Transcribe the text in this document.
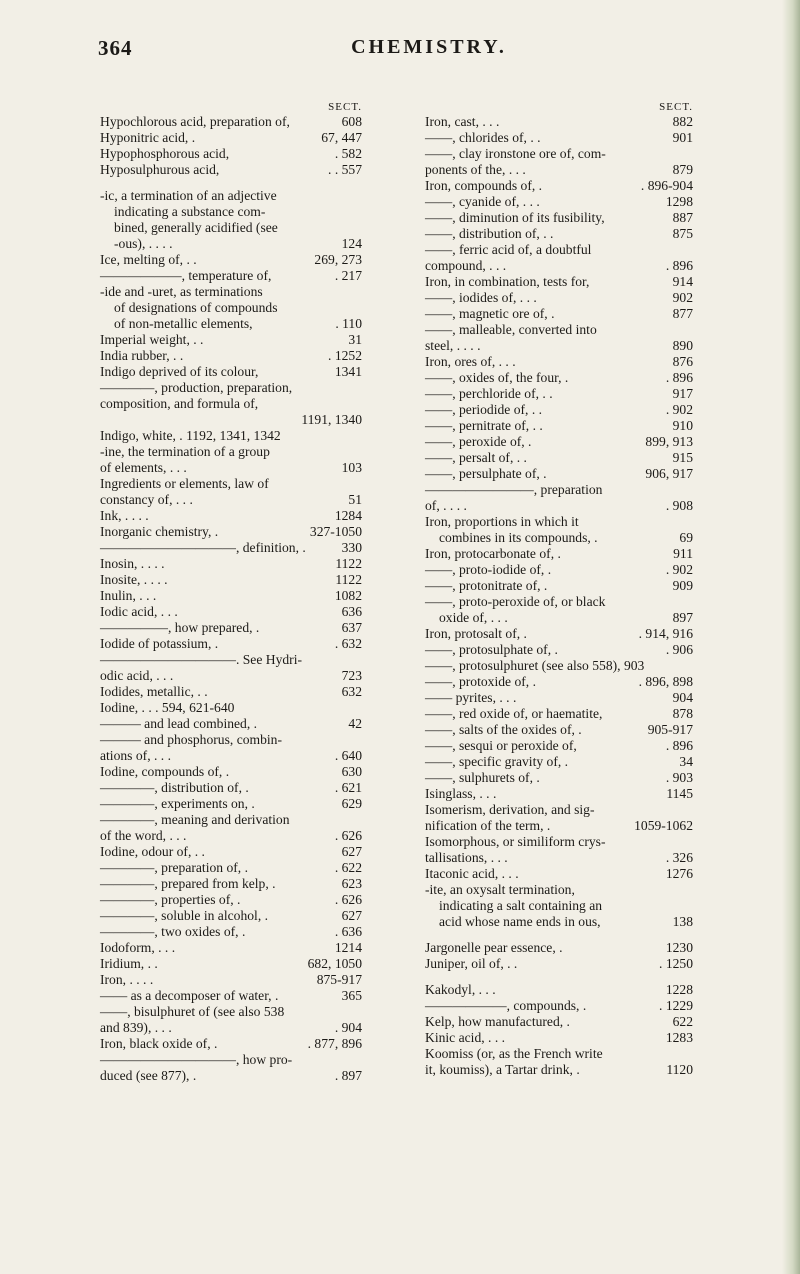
364	CHEMISTRY.
SECT.
Hypochlorous acid, preparation of,	608
Hyponitric acid, .	67, 447
Hypophosphorous acid,	. 582
Hyposulphurous acid,	. . 557
-ic, a termination of an adjective
indicating a substance com-
bined, generally acidified (see
-ous), . . . .	124
Ice, melting of, . .	269, 273
——————, temperature of,	. 217
-ide and -uret, as terminations
of designations of compounds
of non-metallic elements,	. 110
Imperial weight, . .	31
India rubber, . .	. 1252
Indigo deprived of its colour,	1341
————, production, preparation,
composition, and formula of,
1191, 1340
Indigo, white, . 1192, 1341, 1342
-ine, the termination of a group
of elements, . . .	103
Ingredients or elements, law of
constancy of, . . .	51
Ink, . . . .	1284
Inorganic chemistry, .	327-1050
——————————, definition, .	330
Inosin, . . . .	1122
Inosite, . . . .	1122
Inulin, . . .	1082
Iodic acid, . . .	636
—————, how prepared, .	637
Iodide of potassium, .	. 632
——————————. See Hydri-
odic acid, . . .	723
Iodides, metallic, . .	632
Iodine, . . . 594, 621-640
——— and lead combined, .	42
——— and phosphorus, combin-
ations of, . . .	. 640
Iodine, compounds of, .	630
————, distribution of, .	. 621
————, experiments on, .	629
————, meaning and derivation
of the word, . . .	. 626
Iodine, odour of, . .	627
————, preparation of, .	. 622
————, prepared from kelp, .	623
————, properties of, .	. 626
————, soluble in alcohol, .	627
————, two oxides of, .	. 636
Iodoform, . . .	1214
Iridium, . .	682, 1050
Iron, . . . .	875-917
—— as a decomposer of water, .	365
——, bisulphuret of (see also 538
and 839), . . .	. 904
Iron, black oxide of, .	. 877, 896
——————————, how pro-
duced (see 877), .	. 897
SECT.
Iron, cast, . . .	882
——, chlorides of, . .	901
——, clay ironstone ore of, com-
ponents of the, . . .	879
Iron, compounds of, .	. 896-904
——, cyanide of, . . .	1298
——, diminution of its fusibility,	887
——, distribution of, . .	875
——, ferric acid of, a doubtful
compound, . . .	. 896
Iron, in combination, tests for,	914
——, iodides of, . . .	902
——, magnetic ore of, .	877
——, malleable, converted into
steel, . . . .	890
Iron, ores of, . . .	876
——, oxides of, the four, .	. 896
——, perchloride of, . .	917
——, periodide of, . .	. 902
——, pernitrate of, . .	910
——, peroxide of, .	899, 913
——, persalt of, . .	915
——, persulphate of, .	906, 917
————————, preparation
of, . . . .	. 908
Iron, proportions in which it
combines in its compounds, .	69
Iron, protocarbonate of, .	911
——, proto-iodide of, .	. 902
——, protonitrate of, .	909
——, proto-peroxide of, or black
oxide of, . . .	897
Iron, protosalt of, .	. 914, 916
——, protosulphate of, .	. 906
——, protosulphuret (see also 558), 903
——, protoxide of, .	. 896, 898
—— pyrites, . . .	904
——, red oxide of, or haematite,	878
——, salts of the oxides of, .	905-917
——, sesqui or peroxide of,	. 896
——, specific gravity of, .	34
——, sulphurets of, .	. 903
Isinglass, . . .	1145
Isomerism, derivation, and sig-
nification of the term, .	1059-1062
Isomorphous, or similiform crys-
tallisations, . . .	. 326
Itaconic acid, . . .	1276
-ite, an oxysalt termination,
indicating a salt containing an
acid whose name ends in ous,	138
Jargonelle pear essence, .	1230
Juniper, oil of, . .	. 1250
Kakodyl, . . .	1228
——————, compounds, .	. 1229
Kelp, how manufactured, .	622
Kinic acid, . . .	1283
Koomiss (or, as the French write
it, koumiss), a Tartar drink, .	1120
